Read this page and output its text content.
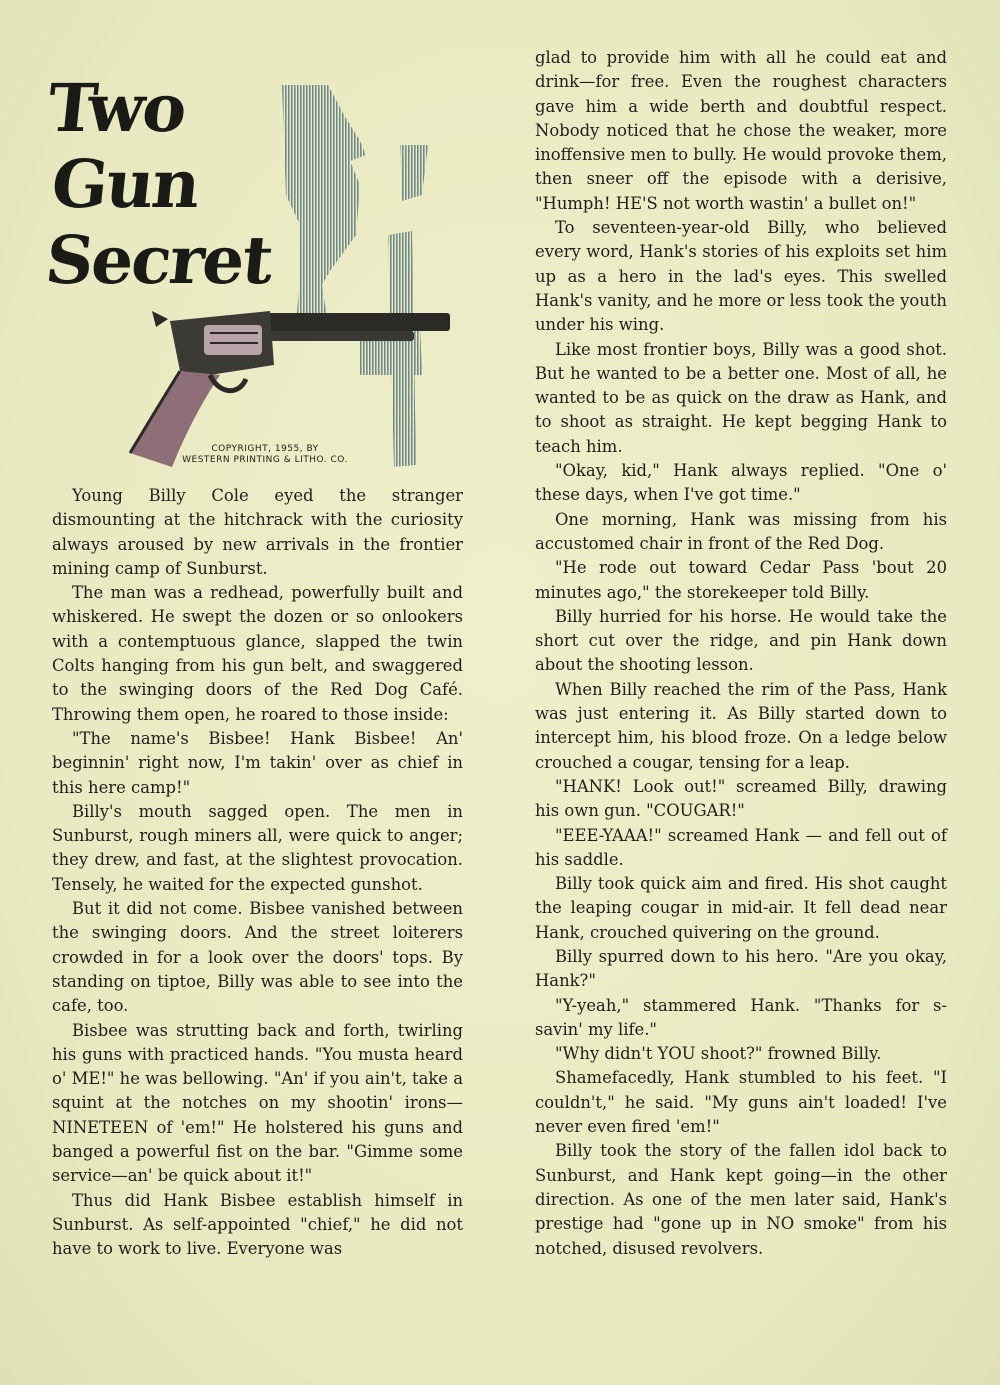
Two
Gun
Secret
COPYRIGHT, 1955, BY
WESTERN PRINTING & LITHO. CO.

Young Billy Cole eyed the stranger dismounting at the hitchrack with the curiosity always aroused by new arrivals in the frontier mining camp of Sunburst.

The man was a redhead, powerfully built and whiskered. He swept the dozen or so onlookers with a contemptuous glance, slapped the twin Colts hanging from his gun belt, and swaggered to the swinging doors of the Red Dog Café. Throwing them open, he roared to those inside:

"The name's Bisbee! Hank Bisbee! An' beginnin' right now, I'm takin' over as chief in this here camp!"

Billy's mouth sagged open. The men in Sunburst, rough miners all, were quick to anger; they drew, and fast, at the slightest provocation. Tensely, he waited for the expected gunshot.

But it did not come. Bisbee vanished between the swinging doors. And the street loiterers crowded in for a look over the doors' tops. By standing on tiptoe, Billy was able to see into the cafe, too.

Bisbee was strutting back and forth, twirling his guns with practiced hands. "You musta heard o' ME!" he was bellowing. "An' if you ain't, take a squint at the notches on my shootin' irons—NINETEEN of 'em!" He holstered his guns and banged a powerful fist on the bar. "Gimme some service—an' be quick about it!"

Thus did Hank Bisbee establish himself in Sunburst. As self-appointed "chief," he did not have to work to live. Everyone was

glad to provide him with all he could eat and drink—for free. Even the roughest characters gave him a wide berth and doubtful respect. Nobody noticed that he chose the weaker, more inoffensive men to bully. He would provoke them, then sneer off the episode with a derisive, "Humph! HE'S not worth wastin' a bullet on!"

To seventeen-year-old Billy, who believed every word, Hank's stories of his exploits set him up as a hero in the lad's eyes. This swelled Hank's vanity, and he more or less took the youth under his wing.

Like most frontier boys, Billy was a good shot. But he wanted to be a better one. Most of all, he wanted to be as quick on the draw as Hank, and to shoot as straight. He kept begging Hank to teach him.

"Okay, kid," Hank always replied. "One o' these days, when I've got time."

One morning, Hank was missing from his accustomed chair in front of the Red Dog.

"He rode out toward Cedar Pass 'bout 20 minutes ago," the storekeeper told Billy.

Billy hurried for his horse. He would take the short cut over the ridge, and pin Hank down about the shooting lesson.

When Billy reached the rim of the Pass, Hank was just entering it. As Billy started down to intercept him, his blood froze. On a ledge below crouched a cougar, tensing for a leap.

"HANK! Look out!" screamed Billy, drawing his own gun. "COUGAR!"

"EEE-YAAA!" screamed Hank — and fell out of his saddle.

Billy took quick aim and fired. His shot caught the leaping cougar in mid-air. It fell dead near Hank, crouched quivering on the ground.

Billy spurred down to his hero. "Are you okay, Hank?"

"Y-yeah," stammered Hank. "Thanks for s-savin' my life."

"Why didn't YOU shoot?" frowned Billy.

Shamefacedly, Hank stumbled to his feet. "I couldn't," he said. "My guns ain't loaded! I've never even fired 'em!"

Billy took the story of the fallen idol back to Sunburst, and Hank kept going—in the other direction. As one of the men later said, Hank's prestige had "gone up in NO smoke" from his notched, disused revolvers.
